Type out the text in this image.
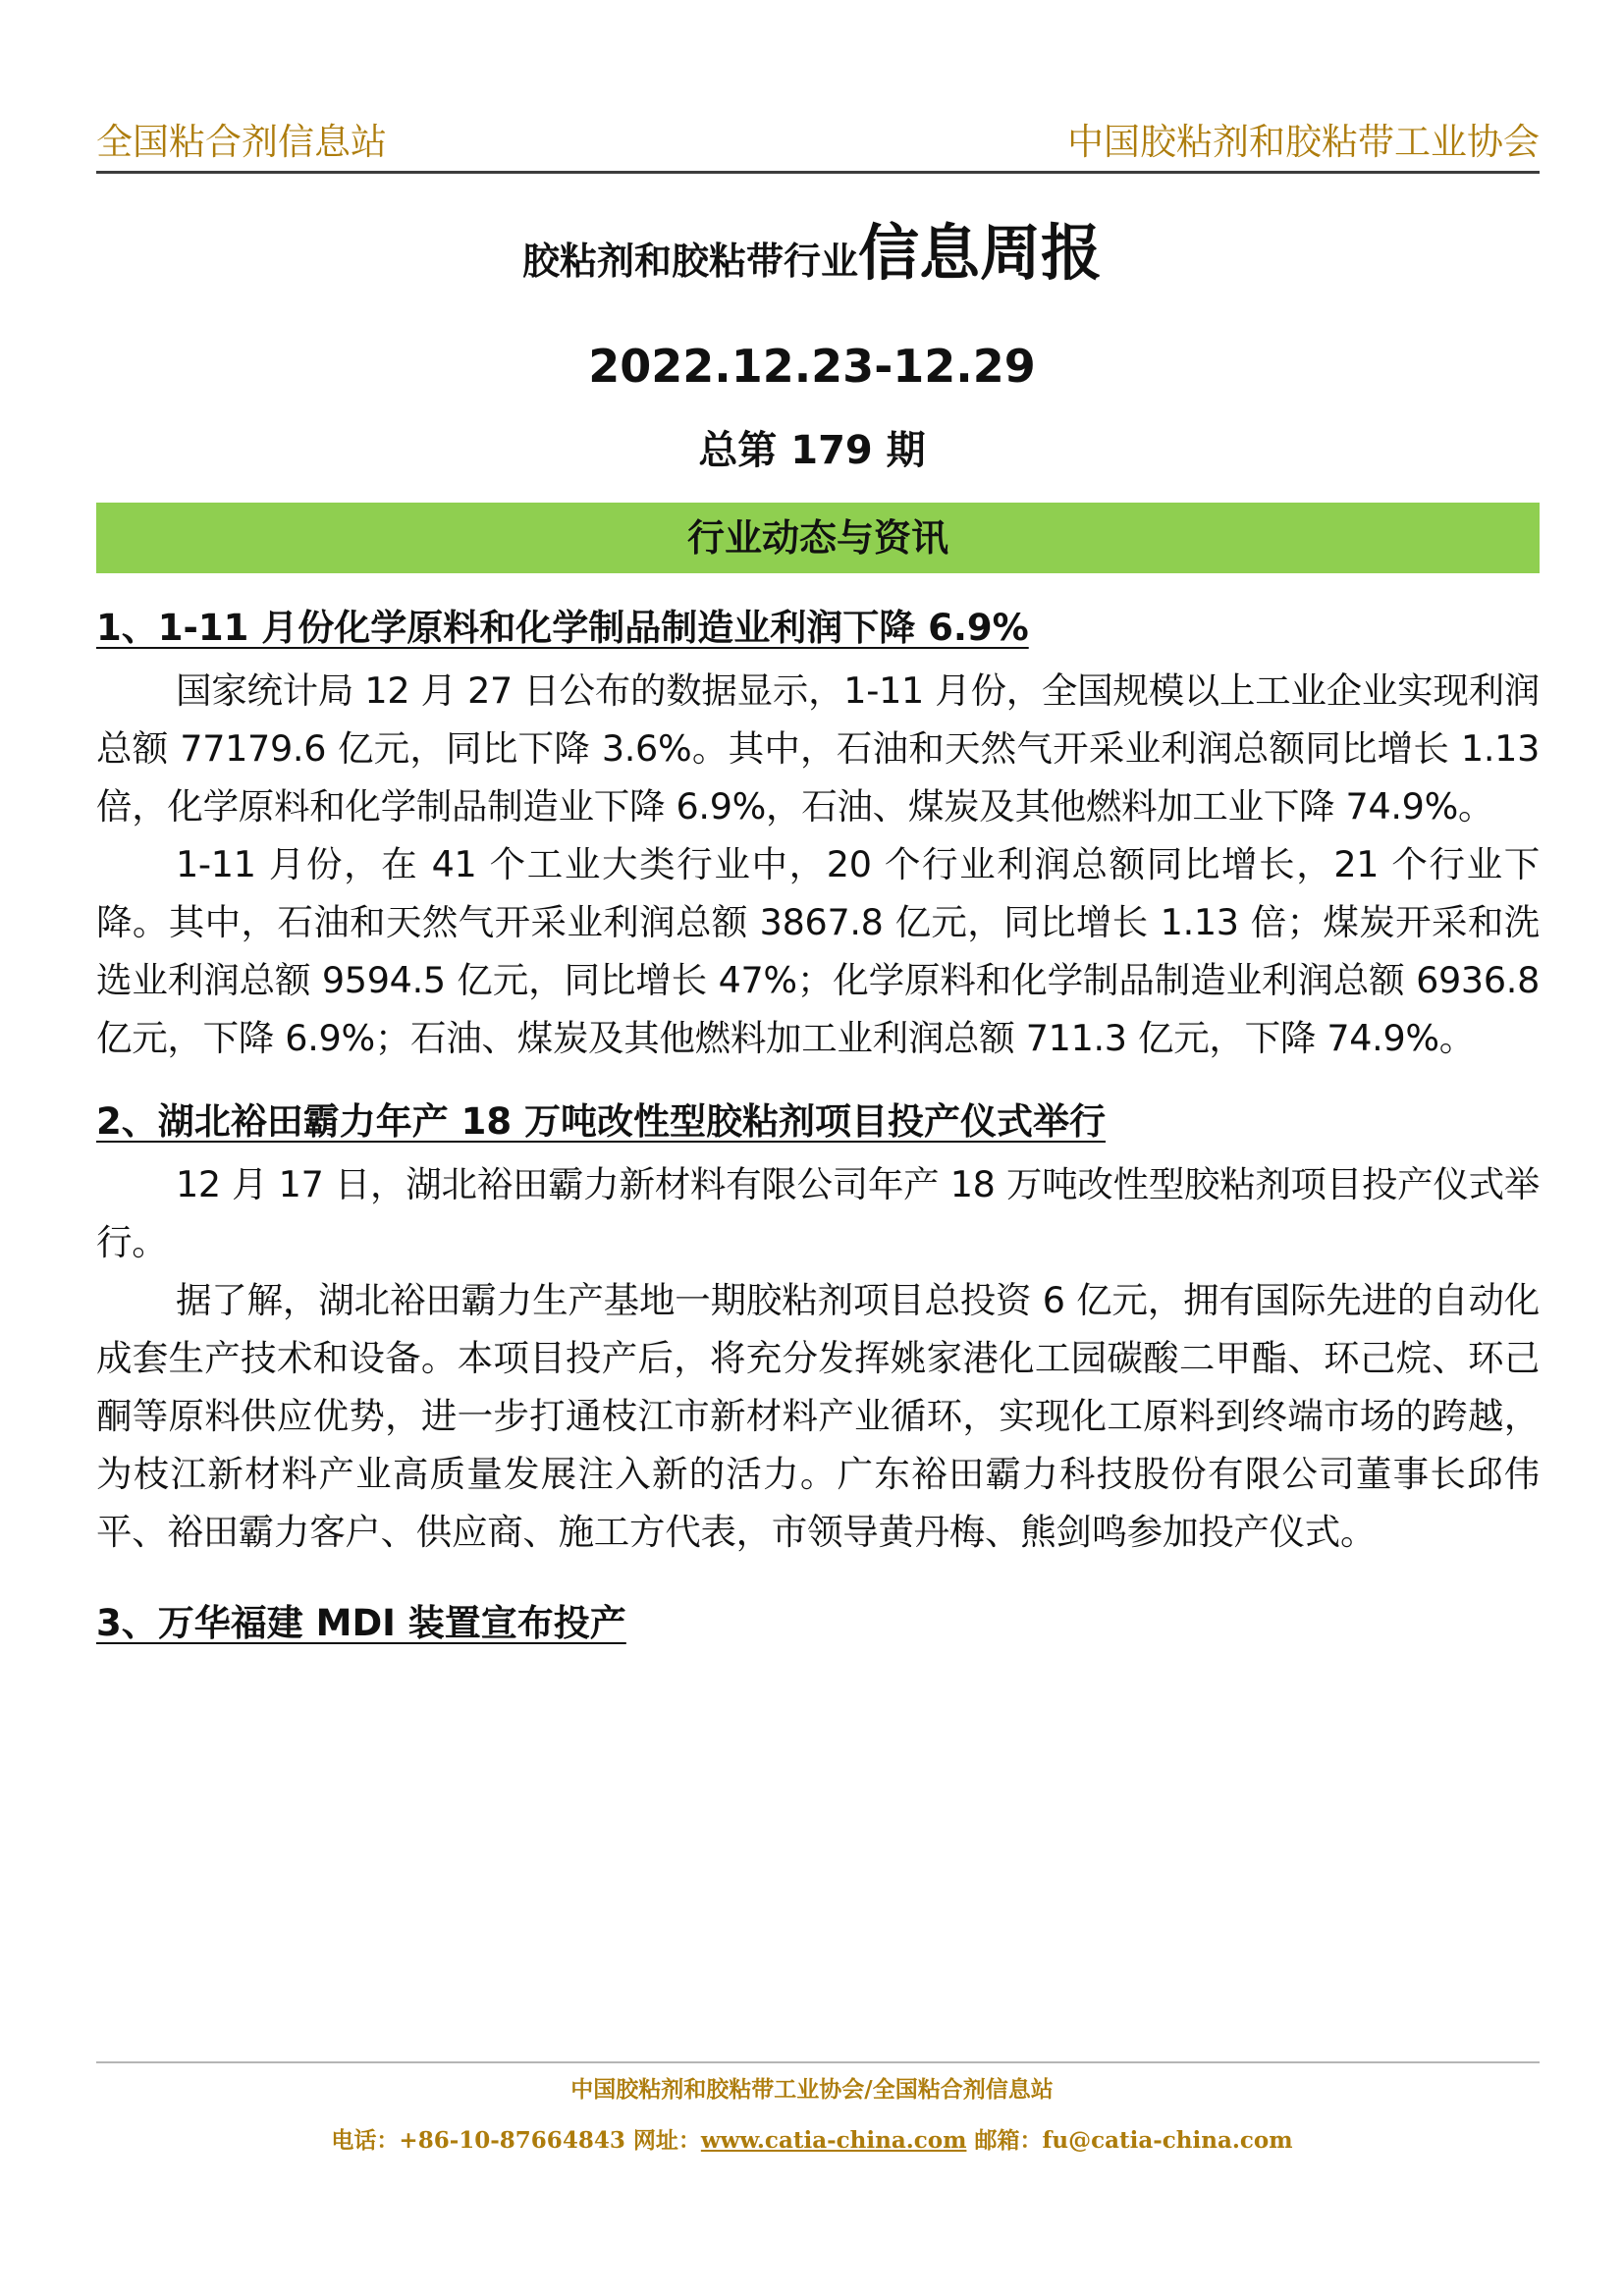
全国粘合剂信息站	中国胶粘剂和胶粘带工业协会
胶粘剂和胶粘带行业信息周报
2022.12.23-12.29
总第 179 期
行业动态与资讯
1、1-11 月份化学原料和化学制品制造业利润下降 6.9%

国家统计局 12 月 27 日公布的数据显示，1-11 月份，全国规模以上工业企业实现利润总额 77179.6 亿元，同比下降 3.6%。其中，石油和天然气开采业利润总额同比增长 1.13 倍，化学原料和化学制品制造业下降 6.9%，石油、煤炭及其他燃料加工业下降 74.9%。

1-11 月份，在 41 个工业大类行业中，20 个行业利润总额同比增长，21 个行业下降。其中，石油和天然气开采业利润总额 3867.8 亿元，同比增长 1.13 倍；煤炭开采和洗选业利润总额 9594.5 亿元，同比增长 47%；化学原料和化学制品制造业利润总额 6936.8 亿元，下降 6.9%；石油、煤炭及其他燃料加工业利润总额 711.3 亿元，下降 74.9%。

2、湖北裕田霸力年产 18 万吨改性型胶粘剂项目投产仪式举行

12 月 17 日，湖北裕田霸力新材料有限公司年产 18 万吨改性型胶粘剂项目投产仪式举行。

据了解，湖北裕田霸力生产基地一期胶粘剂项目总投资 6 亿元，拥有国际先进的自动化成套生产技术和设备。本项目投产后，将充分发挥姚家港化工园碳酸二甲酯、环己烷、环己酮等原料供应优势，进一步打通枝江市新材料产业循环，实现化工原料到终端市场的跨越，为枝江新材料产业高质量发展注入新的活力。广东裕田霸力科技股份有限公司董事长邱伟平、裕田霸力客户、供应商、施工方代表，市领导黄丹梅、熊剑鸣参加投产仪式。

3、万华福建 MDI 装置宣布投产
中国胶粘剂和胶粘带工业协会/全国粘合剂信息站
电话：+86-10-87664843 网址：www.catia-china.com 邮箱：fu@catia-china.com
